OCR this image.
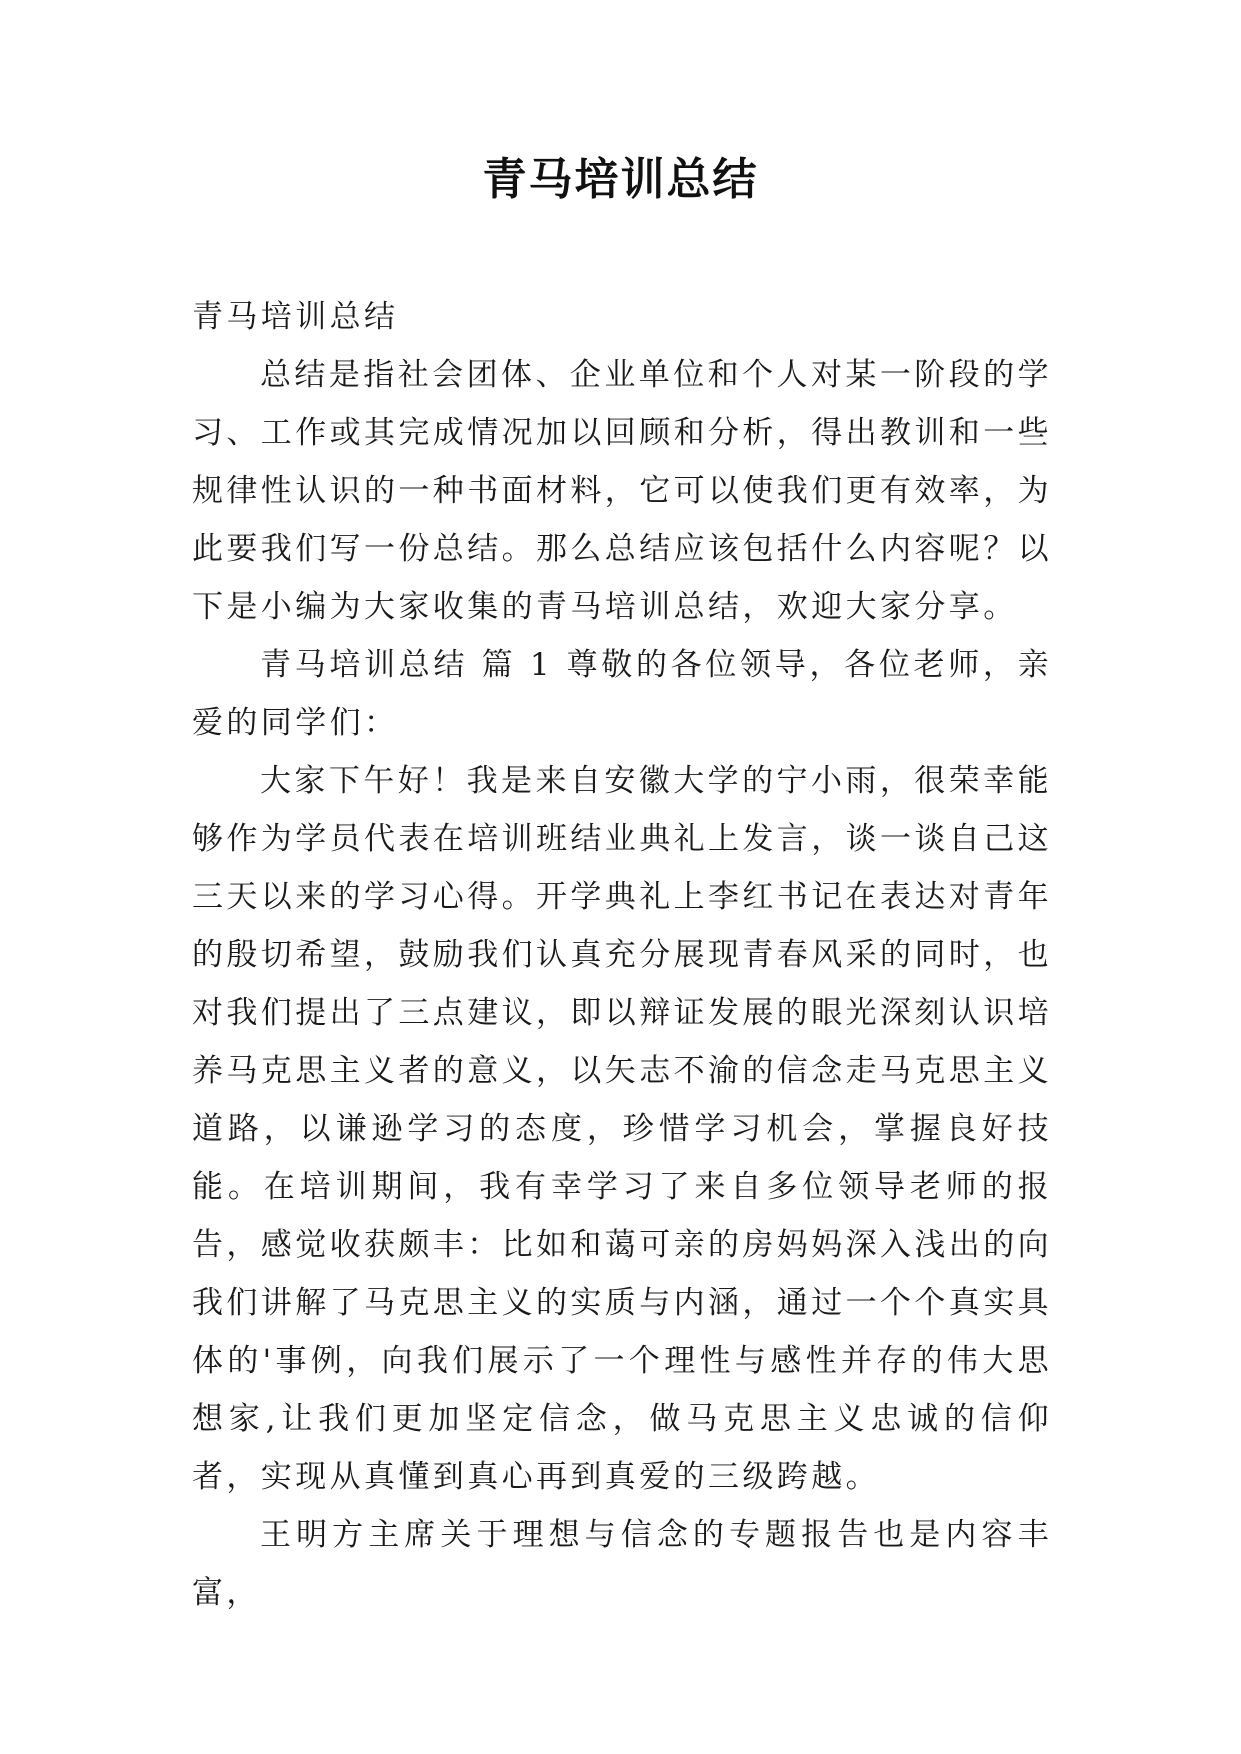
青马培训总结

青马培训总结

总结是指社会团体、企业单位和个人对某一阶段的学习、工作或其完成情况加以回顾和分析，得出教训和一些规律性认识的一种书面材料，它可以使我们更有效率，为此要我们写一份总结。那么总结应该包括什么内容呢？以下是小编为大家收集的青马培训总结，欢迎大家分享。

青马培训总结 篇 1 尊敬的各位领导，各位老师，亲爱的同学们：

大家下午好！我是来自安徽大学的宁小雨，很荣幸能够作为学员代表在培训班结业典礼上发言，谈一谈自己这三天以来的学习心得。开学典礼上李红书记在表达对青年的殷切希望，鼓励我们认真充分展现青春风采的同时，也对我们提出了三点建议，即以辩证发展的眼光深刻认识培养马克思主义者的意义，以矢志不渝的信念走马克思主义道路，以谦逊学习的态度，珍惜学习机会，掌握良好技能。在培训期间，我有幸学习了来自多位领导老师的报告，感觉收获颇丰：比如和蔼可亲的房妈妈深入浅出的向我们讲解了马克思主义的实质与内涵，通过一个个真实具体的'事例，向我们展示了一个理性与感性并存的伟大思想家,让我们更加坚定信念，做马克思主义忠诚的信仰者，实现从真懂到真心再到真爱的三级跨越。

王明方主席关于理想与信念的专题报告也是内容丰富，
